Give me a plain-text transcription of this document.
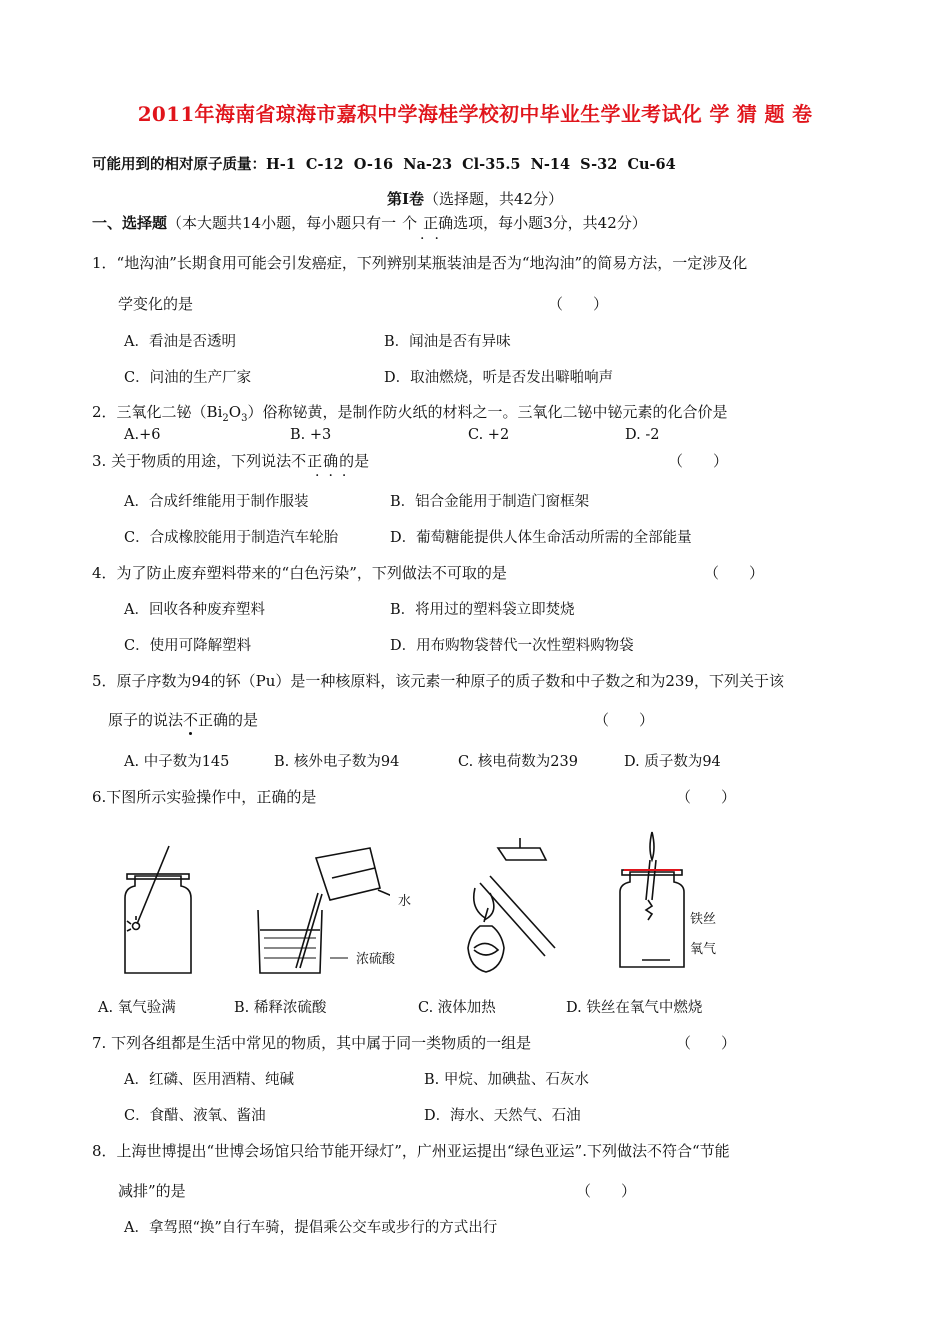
2011年海南省琼海市嘉积中学海桂学校初中毕业生学业考试化 学 猜 题 卷
可能用到的相对原子质量：H-1  C-12  O-16  Na-23  Cl-35.5  N-14  S-32  Cu-64
第Ⅰ卷（选择题，共42分）
一、选择题（本大题共14小题，每小题只有一个正确选项，每小题3分，共42分）
··
1．“地沟油”长期食用可能会引发癌症，下列辨别某瓶装油是否为“地沟油”的简易方法，一定涉及化
学变化的是	（　　）
A．看油是否透明	B．闻油是否有异味
C．问油的生产厂家	D．取油燃烧，听是否发出噼啪响声
2．三氧化二铋$(Bi_2O_3)$俗称铋黄，是制作防火纸的材料之一。三氧化二铋中铋元素的化合价是
A.+6	B. +3	C. +2	D. -2
3. 关于物质的用途，下列说法不正确的是
···
（　　）
A．合成纤维能用于制作服装	B．铝合金能用于制造门窗框架
C．合成橡胶能用于制造汽车轮胎	D．葡萄糖能提供人体生命活动所需的全部能量
4．为了防止废弃塑料带来的“白色污染”，下列做法不可取的是	（　　）
A．回收各种废弃塑料	B．将用过的塑料袋立即焚烧
C．使用可降解塑料	D．用布购物袋替代一次性塑料购物袋
5．原子序数为94的钚（Pu）是一种核原料，该元素一种原子的质子数和中子数之和为239，下列关于该
原子的说法不正确的是	（　　）
A. 中子数为145	B. 核外电子数为94	C. 核电荷数为239	D. 质子数为94
6.下图所示实验操作中，正确的是	（　　）
水
浓硫酸
铁丝
氧气
A. 氧气验满	B. 稀释浓硫酸	C. 液体加热	D. 铁丝在氧气中燃烧
7. 下列各组都是生活中常见的物质，其中属于同一类物质的一组是	（　　）
A．红磷、医用酒精、纯碱	B. 甲烷、加碘盐、石灰水
C．食醋、液氧、酱油	D．海水、天然气、石油
8．上海世博提出“世博会场馆只给节能开绿灯”，广州亚运提出“绿色亚运”.下列做法不符合“节能
减排”的是	（　　）
A．拿驾照“换”自行车骑，提倡乘公交车或步行的方式出行
